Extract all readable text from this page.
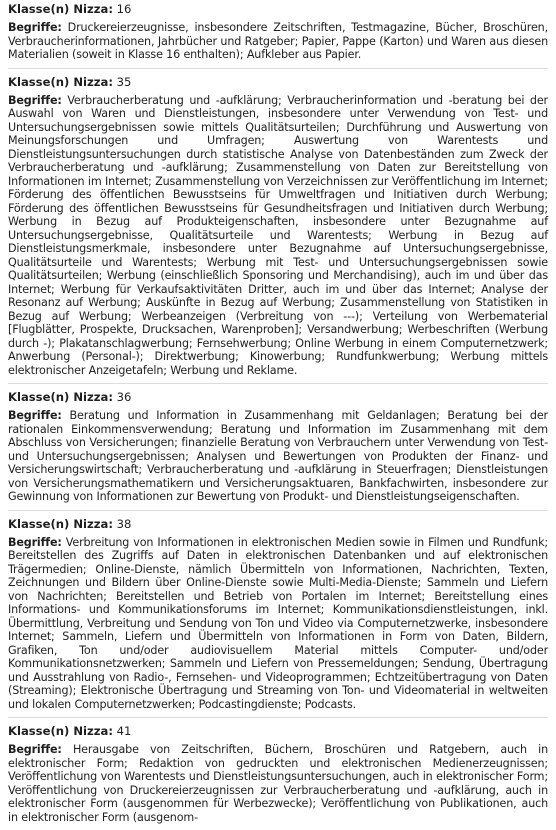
Klasse(n) Nizza: 16
Begriffe: Druckereierzeugnisse, insbesondere Zeitschriften, Testmagazine, Bücher, Broschüren, Verbraucherinformationen, Jahrbücher und Ratgeber; Papier, Pappe (Karton) und Waren aus diesen Materialien (soweit in Klasse 16 enthalten); Aufkleber aus Papier.
Klasse(n) Nizza: 35
Begriffe: Verbraucherberatung und -aufklärung; Verbraucherinformation und -beratung bei der Auswahl von Waren und Dienstleistungen, insbesondere unter Verwendung von Test- und Untersuchungsergebnissen sowie mittels Qualitätsurteilen; Durchführung und Auswertung von Meinungsforschungen und Umfragen; Auswertung von Warentests und Dienstleistungsuntersuchungen durch statistische Analyse von Datenbeständen zum Zweck der Verbraucherberatung und -aufklärung; Zusammenstellung von Daten zur Bereitstellung von Informationen im Internet; Zusammenstellung von Verzeichnissen zur Veröffentlichung im Internet; Förderung des öffentlichen Bewusstseins für Umweltfragen und Initiativen durch Werbung; Förderung des öffentlichen Bewusstseins für Gesundheitsfragen und Initiativen durch Werbung; Werbung in Bezug auf Produkteigenschaften, insbesondere unter Bezugnahme auf Untersuchungsergebnisse, Qualitätsurteile und Warentests; Werbung in Bezug auf Dienstleistungsmerkmale, insbesondere unter Bezugnahme auf Untersuchungsergebnisse, Qualitätsurteile und Warentests; Werbung mit Test- und Untersuchungsergebnissen sowie Qualitätsurteilen; Werbung (einschließlich Sponsoring und Merchandising), auch im und über das Internet; Werbung für Verkaufsaktivitäten Dritter, auch im und über das Internet; Analyse der Resonanz auf Werbung; Auskünfte in Bezug auf Werbung; Zusammenstellung von Statistiken in Bezug auf Werbung; Werbeanzeigen (Verbreitung von ---); Verteilung von Werbematerial [Flugblätter, Prospekte, Drucksachen, Warenproben]; Versandwerbung; Werbeschriften (Werbung durch -); Plakatanschlagwerbung; Fernsehwerbung; Online Werbung in einem Computernetzwerk; Anwerbung (Personal-); Direktwerbung; Kinowerbung; Rundfunkwerbung; Werbung mittels elektronischer Anzeigetafeln; Werbung und Reklame.
Klasse(n) Nizza: 36
Begriffe: Beratung und Information in Zusammenhang mit Geldanlagen; Beratung bei der rationalen Einkommensverwendung; Beratung und Information im Zusammenhang mit dem Abschluss von Versicherungen; finanzielle Beratung von Verbrauchern unter Verwendung von Test- und Untersuchungsergebnissen; Analysen und Bewertungen von Produkten der Finanz- und Versicherungswirtschaft; Verbraucherberatung und -aufklärung in Steuerfragen; Dienstleistungen von Versicherungsmathematikern und Versicherungsaktuaren, Bankfachwirten, insbesondere zur Gewinnung von Informationen zur Bewertung von Produkt- und Dienstleistungseigenschaften.
Klasse(n) Nizza: 38
Begriffe: Verbreitung von Informationen in elektronischen Medien sowie in Filmen und Rundfunk; Bereitstellen des Zugriffs auf Daten in elektronischen Datenbanken und auf elektronischen Trägermedien; Online-Dienste, nämlich Übermitteln von Informationen, Nachrichten, Texten, Zeichnungen und Bildern über Online-Dienste sowie Multi-Media-Dienste; Sammeln und Liefern von Nachrichten; Bereitstellen und Betrieb von Portalen im Internet; Bereitstellung eines Informations- und Kommunikationsforums im Internet; Kommunikationsdienstleistungen, inkl. Übermittlung, Verbreitung und Sendung von Ton und Video via Computernetzwerke, insbesondere Internet; Sammeln, Liefern und Übermitteln von Informationen in Form von Daten, Bildern, Grafiken, Ton und/oder audiovisuellem Material mittels Computer- und/oder Kommunikationsnetzwerken; Sammeln und Liefern von Pressemeldungen; Sendung, Übertragung und Ausstrahlung von Radio-, Fernsehen- und Videoprogrammen; Echtzeitübertragung von Daten (Streaming); Elektronische Übertragung und Streaming von Ton- und Videomaterial in weltweiten und lokalen Computernetzwerken; Podcastingdienste; Podcasts.
Klasse(n) Nizza: 41
Begriffe: Herausgabe von Zeitschriften, Büchern, Broschüren und Ratgebern, auch in elektronischer Form; Redaktion von gedruckten und elektronischen Medienerzeugnissen; Veröffentlichung von Warentests und Dienstleistungsuntersuchungen, auch in elektronischer Form; Veröffentlichung von Druckereierzeugnissen zur Verbraucherberatung und -aufklärung, auch in elektronischer Form (ausgenommen für Werbezwecke); Veröffentlichung von Publikationen, auch in elektronischer Form (ausgenom-
